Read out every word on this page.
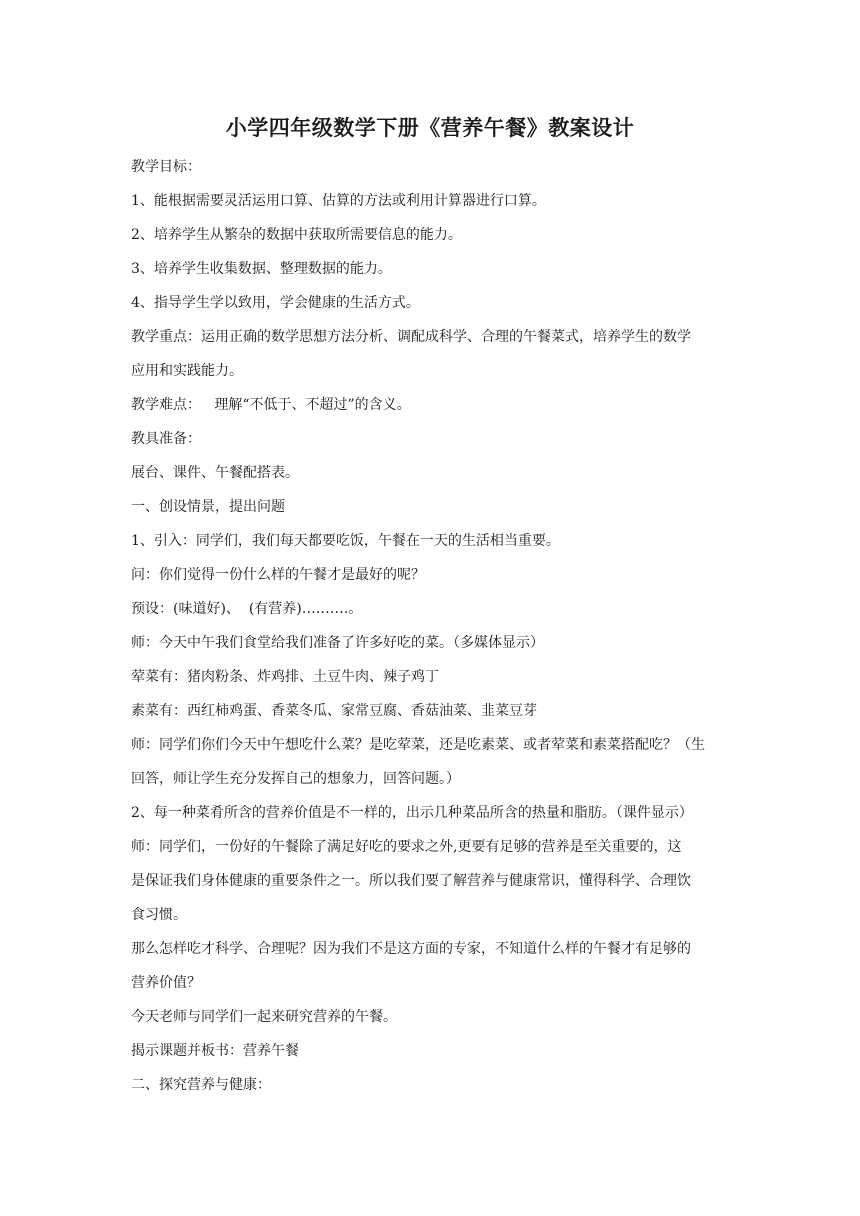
小学四年级数学下册《营养午餐》教案设计

教学目标：

1、能根据需要灵活运用口算、估算的方法或利用计算器进行口算。

2、培养学生从繁杂的数据中获取所需要信息的能力。

3、培养学生收集数据、整理数据的能力。

4、指导学生学以致用，学会健康的生活方式。

教学重点：运用正确的数学思想方法分析、调配成科学、合理的午餐菜式，培养学生的数学

应用和实践能力。

教学难点：   理解“不低于、不超过”的含义。

教具准备：

展台、课件、午餐配搭表。

一、创设情景，提出问题

1、引入：同学们，我们每天都要吃饭，午餐在一天的生活相当重要。

问：你们觉得一份什么样的午餐才是最好的呢？

预设：(味道好)、  (有营养)……….。

师：今天中午我们食堂给我们准备了许多好吃的菜。（多媒体显示）

荤菜有：猪肉粉条、炸鸡排、土豆牛肉、辣子鸡丁

素菜有：西红柿鸡蛋、香菜冬瓜、家常豆腐、香菇油菜、韭菜豆芽

师：同学们你们今天中午想吃什么菜？是吃荤菜，还是吃素菜、或者荤菜和素菜搭配吃？（生

回答，师让学生充分发挥自己的想象力，回答问题。）

2、每一种菜肴所含的营养价值是不一样的，出示几种菜品所含的热量和脂肪。（课件显示）

师：同学们，一份好的午餐除了满足好吃的要求之外,更要有足够的营养是至关重要的，这

是保证我们身体健康的重要条件之一。所以我们要了解营养与健康常识，懂得科学、合理饮

食习惯。

那么怎样吃才科学、合理呢？因为我们不是这方面的专家，不知道什么样的午餐才有足够的

营养价值？

今天老师与同学们一起来研究营养的午餐。

揭示课题并板书：营养午餐

二、探究营养与健康：
